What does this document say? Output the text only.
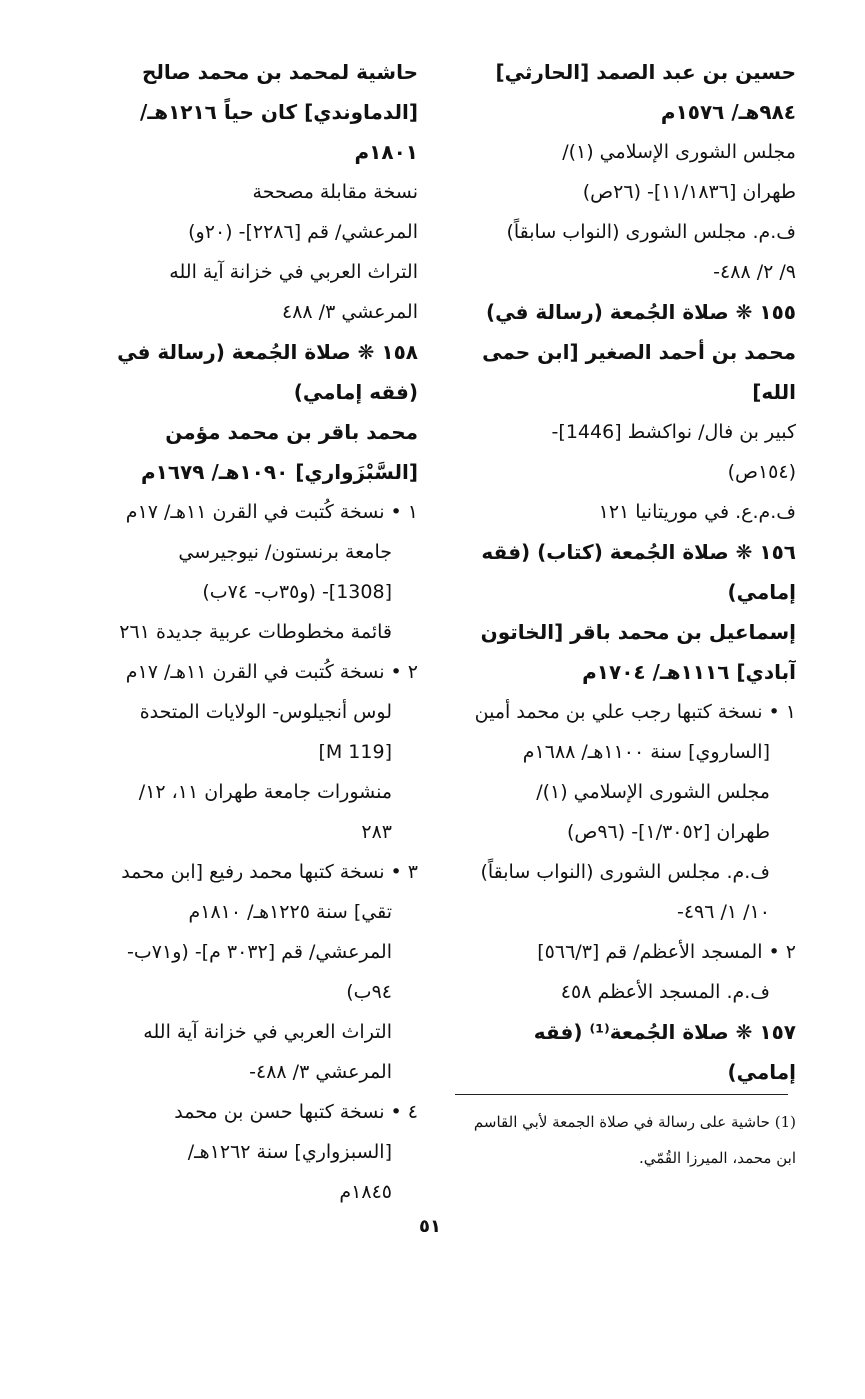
حسين بن عبد الصمد [الحارثي]
٩٨٤هـ/ ١٥٧٦م
مجلس الشورى الإسلامي (١)/
طهران [١١/١٨٣٦]- (٢٦ص)
ف.م. مجلس الشورى (النواب سابقاً)
٩/ ٢/ ٤٨٨-
١٥٥ ❋ صلاة الجُمعة (رسالة في)
محمد بن أحمد الصغير [ابن حمى
الله]
كبير بن فال/ نواكشط [1446]-
(١٥٤ص)
ف.م.ع. في موريتانيا ١٢١
١٥٦ ❋ صلاة الجُمعة (كتاب) (فقه
إمامي)
إسماعيل بن محمد باقر [الخاتون
آبادي] ١١١٦هـ/ ١٧٠٤م
١ • نسخة كتبها رجب علي بن محمد أمين
[الساروي] سنة ١١٠٠هـ/ ١٦٨٨م
مجلس الشورى الإسلامي (١)/
طهران [١/٣٠٥٢]- (٩٦ص)
ف.م. مجلس الشورى (النواب سابقاً)
١٠/ ١/ ٤٩٦-
٢ • المسجد الأعظم/ قم [٥٦٦/٣]
ف.م. المسجد الأعظم ٤٥٨
١٥٧ ❋ صلاة الجُمعة⁽¹⁾ (فقه
إمامي)
حاشية لمحمد بن محمد صالح
[الدماوندي] كان حياً ١٢١٦هـ/
١٨٠١م
نسخة مقابلة مصححة
المرعشي/ قم [٢٢٨٦]- (٢٠و)
التراث العربي في خزانة آية الله
المرعشي ٣/ ٤٨٨
١٥٨ ❋ صلاة الجُمعة (رسالة في
(فقه إمامي)
محمد باقر بن محمد مؤمن
[السَّبْزَواري] ١٠٩٠هـ/ ١٦٧٩م
١ • نسخة كُتبت في القرن ١١هـ/ ١٧م
جامعة برنستون/ نيوجيرسي
[1308]- (و٣٥ب- ٧٤ب)
قائمة مخطوطات عربية جديدة ٢٦١
٢ • نسخة كُتبت في القرن ١١هـ/ ١٧م
لوس أنجيلوس- الولايات المتحدة
[M 119]
منشورات جامعة طهران ١١، ١٢/
٢٨٣
٣ • نسخة كتبها محمد رفيع [ابن محمد
تقي] سنة ١٢٢٥هـ/ ١٨١٠م
المرعشي/ قم [٣٠٣٢ م]- (و٧١ب-
٩٤ب)
التراث العربي في خزانة آية الله
المرعشي ٣/ ٤٨٨-
٤ • نسخة كتبها حسن بن محمد
[السبزواري] سنة ١٢٦٢هـ/
١٨٤٥م
(1) حاشية على رسالة في صلاة الجمعة لأبي القاسم
ابن محمد، الميرزا القُمّي.
٥١
